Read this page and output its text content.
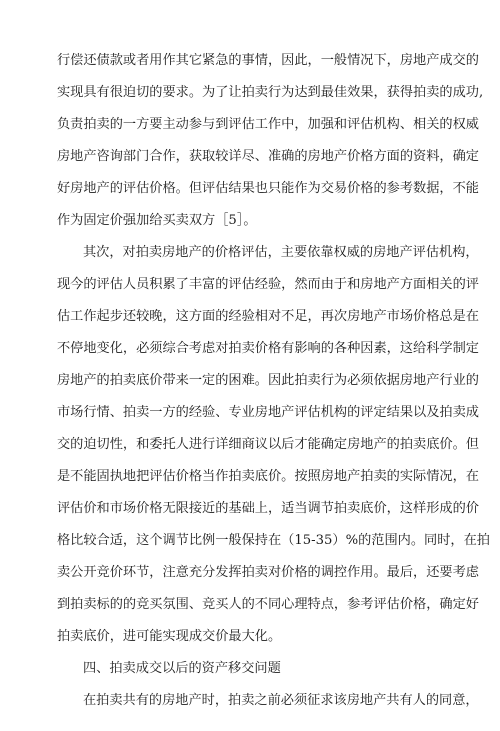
行偿还债款或者用作其它紧急的事情，因此，一般情况下，房地产成交的
实现具有很迫切的要求。为了让拍卖行为达到最佳效果，获得拍卖的成功,
负责拍卖的一方要主动参与到评估工作中，加强和评估机构、相关的权威
房地产咨询部门合作，获取较详尽、准确的房地产价格方面的资料，确定
好房地产的评估价格。但评估结果也只能作为交易价格的参考数据，不能
作为固定价强加给买卖双方［5］。
其次，对拍卖房地产的价格评估，主要依靠权威的房地产评估机构，
现今的评估人员积累了丰富的评估经验，然而由于和房地产方面相关的评
估工作起步还较晚，这方面的经验相对不足，再次房地产市场价格总是在
不停地变化，必须综合考虑对拍卖价格有影响的各种因素，这给科学制定
房地产的拍卖底价带来一定的困难。因此拍卖行为必须依据房地产行业的
市场行情、拍卖一方的经验、专业房地产评估机构的评定结果以及拍卖成
交的迫切性，和委托人进行详细商议以后才能确定房地产的拍卖底价。但
是不能固执地把评估价格当作拍卖底价。按照房地产拍卖的实际情况，在
评估价和市场价格无限接近的基础上，适当调节拍卖底价，这样形成的价
格比较合适，这个调节比例一般保持在（15-35）%的范围内。同时，在拍
卖公开竞价环节，注意充分发挥拍卖对价格的调控作用。最后，还要考虑
到拍卖标的的竞买氛围、竞买人的不同心理特点，参考评估价格，确定好
拍卖底价，进可能实现成交价最大化。
四、拍卖成交以后的资产移交问题
在拍卖共有的房地产时，拍卖之前必须征求该房地产共有人的同意，
